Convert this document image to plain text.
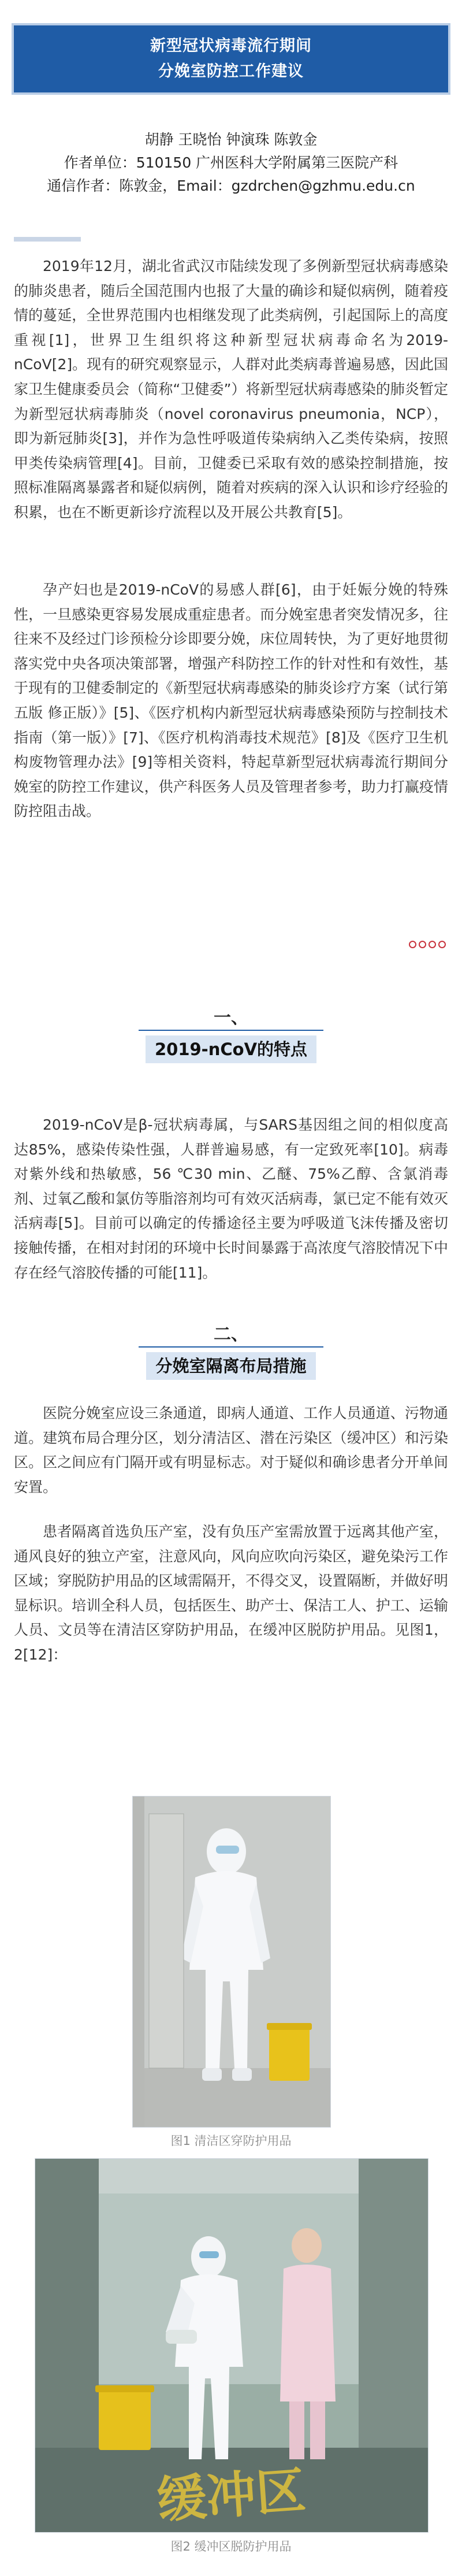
新型冠状病毒流行期间
分娩室防控工作建议
胡静 王晓怡 钟演珠 陈敦金
作者单位：510150 广州医科大学附属第三医院产科
通信作者：陈敦金，Email：gzdrchen@gzhmu.edu.cn

2019年12月，湖北省武汉市陆续发现了多例新型冠状病毒感染的肺炎患者，随后全国范围内也报了大量的确诊和疑似病例，随着疫情的蔓延，全世界范围内也相继发现了此类病例，引起国际上的高度重视[1]，世界卫生组织将这种新型冠状病毒命名为2019-nCoV[2]。现有的研究观察显示，人群对此类病毒普遍易感，因此国家卫生健康委员会（简称“卫健委”）将新型冠状病毒感染的肺炎暂定为新型冠状病毒肺炎（novel coronavirus pneumonia，NCP），即为新冠肺炎[3]，并作为急性呼吸道传染病纳入乙类传染病，按照甲类传染病管理[4]。目前，卫健委已采取有效的感染控制措施，按照标准隔离暴露者和疑似病例，随着对疾病的深入认识和诊疗经验的积累，也在不断更新诊疗流程以及开展公共教育[5]。

孕产妇也是2019-nCoV的易感人群[6]，由于妊娠分娩的特殊性，一旦感染更容易发展成重症患者。而分娩室患者突发情况多，往往来不及经过门诊预检分诊即要分娩，床位周转快，为了更好地贯彻落实党中央各项决策部署，增强产科防控工作的针对性和有效性，基于现有的卫健委制定的《新型冠状病毒感染的肺炎诊疗方案（试行第五版 修正版）》[5]、《医疗机构内新型冠状病毒感染预防与控制技术指南（第一版）》[7]、《医疗机构消毒技术规范》[8]及《医疗卫生机构废物管理办法》[9]等相关资料，特起草新型冠状病毒流行期间分娩室的防控工作建议，供产科医务人员及管理者参考，助力打赢疫情防控阻击战。

一、
2019-nCoV的特点

2019-nCoV是β-冠状病毒属，与SARS基因组之间的相似度高达85%，感染传染性强，人群普遍易感，有一定致死率[10]。病毒对紫外线和热敏感，56 ℃30 min、乙醚、75%乙醇、含氯消毒剂、过氧乙酸和氯仿等脂溶剂均可有效灭活病毒，氯已定不能有效灭活病毒[5]。目前可以确定的传播途径主要为呼吸道飞沫传播及密切接触传播，在相对封闭的环境中长时间暴露于高浓度气溶胶情况下中存在经气溶胶传播的可能[11]。

二、
分娩室隔离布局措施

医院分娩室应设三条通道，即病人通道、工作人员通道、污物通道。建筑布局合理分区，划分清洁区、潜在污染区（缓冲区）和污染区。区之间应有门隔开或有明显标志。对于疑似和确诊患者分开单间安置。

患者隔离首选负压产室，没有负压产室需放置于远离其他产室，通风良好的独立产室，注意风向，风向应吹向污染区，避免染污工作区域；穿脱防护用品的区域需隔开，不得交叉，设置隔断，并做好明显标识。培训全科人员，包括医生、助产士、保洁工人、护工、运输人员、文员等在清洁区穿防护用品，在缓冲区脱防护用品。见图1，2[12]：

图1 清洁区穿防护用品
缓冲区
图2 缓冲区脱防护用品
